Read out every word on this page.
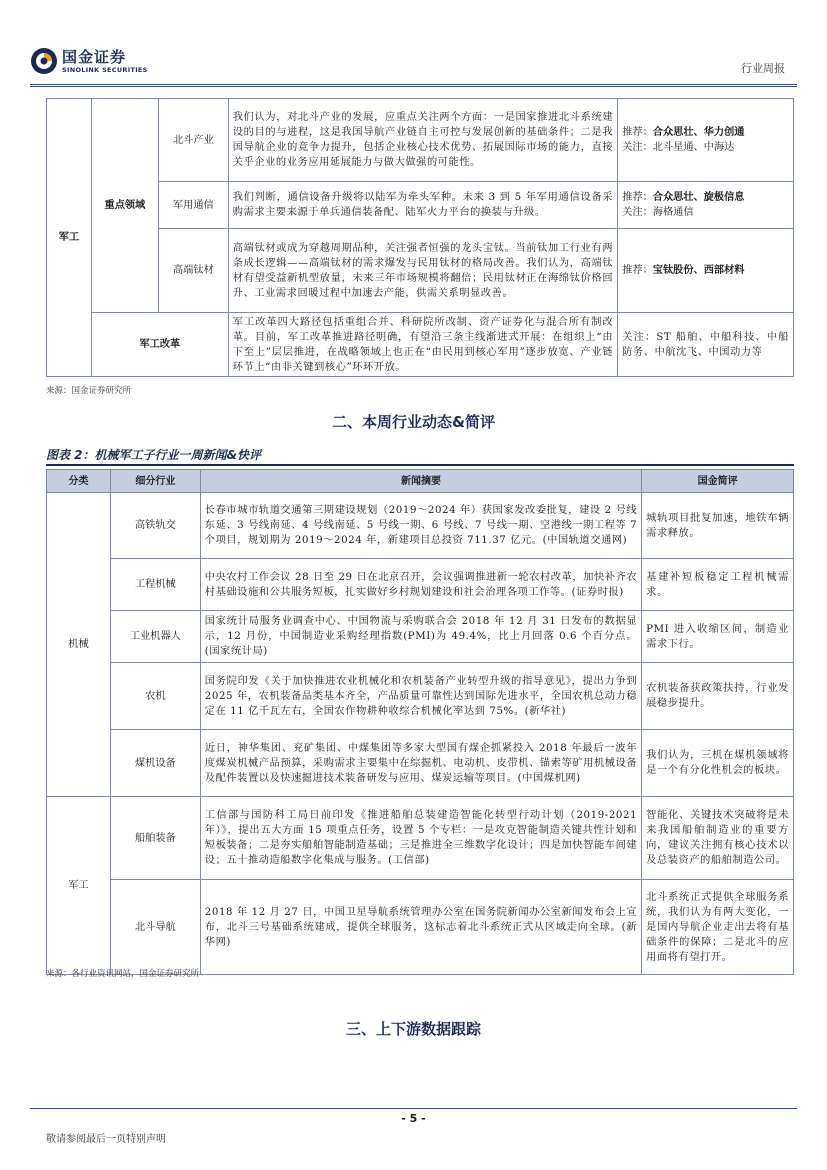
国金证券
SINOLINK SECURITIES	行业周报
军工	重点领域	北斗产业	我们认为，对北斗产业的发展，应重点关注两个方面：一是国家推进北斗系统建设的目的与进程，这是我国导航产业链自主可控与发展创新的基础条件；二是我国导航企业的竞争力提升，包括企业核心技术优势、拓展国际市场的能力，直接关乎企业的业务应用延展能力与做大做强的可能性。	推荐：合众思壮、华力创通
关注：北斗星通、中海达

		军用通信	我们判断，通信设备升级将以陆军为牵头军种。未来 3 到 5 年军用通信设备采购需求主要来源于单兵通信装备配、陆军火力平台的换装与升级。	推荐：合众思壮、旋极信息
关注：海格通信

		高端钛材	高端钛材或成为穿越周期品种，关注强者恒强的龙头宝钛。当前钛加工行业有两条成长逻辑——高端钛材的需求爆发与民用钛材的格局改善。我们认为，高端钛材有望受益新机型放量，未来三年市场规模将翻倍；民用钛材正在海绵钛价格回升、工业需求回暖过程中加速去产能，供需关系明显改善。	推荐：宝钛股份、西部材料

	军工改革		军工改革四大路径包括重组合并、科研院所改制、资产证券化与混合所有制改革。目前，军工改革推进路径明确，有望沿三条主线渐进式开展：在组织上“由下至上”层层推进，在战略领域上也正在“由民用到核心军用”逐步放宽、产业链环节上“由非关键到核心”环环开放。	关注：ST 船舶、中船科技、中船防务、中航沈飞、中国动力等
来源：国金证券研究所
二、本周行业动态&简评
图表 2：机械军工子行业一周新闻&快评
分类	细分行业	新闻摘要	国金简评
机械	高铁轨交	长春市城市轨道交通第三期建设规划（2019～2024 年）获国家发改委批复，建设 2 号线东延、3 号线南延、4 号线南延、5 号线一期、6 号线、7 号线一期、空港线一期工程等 7 个项目，规划期为 2019～2024 年，新建项目总投资 711.37 亿元。(中国轨道交通网)	城轨项目批复加速，地铁车辆需求释放。
	工程机械	中央农村工作会议 28 日至 29 日在北京召开，会议强调推进新一轮农村改革，加快补齐农村基础设施和公共服务短板，扎实做好乡村规划建设和社会治理各项工作等。(证券时报)	基建补短板稳定工程机械需求。
	工业机器人	国家统计局服务业调查中心、中国物流与采购联合会 2018 年 12 月 31 日发布的数据显示，12 月份，中国制造业采购经理指数(PMI)为 49.4%，比上月回落 0.6 个百分点。(国家统计局)	PMI 进入收缩区间，制造业需求下行。
	农机	国务院印发《关于加快推进农业机械化和农机装备产业转型升级的指导意见》，提出力争到 2025 年，农机装备品类基本齐全，产品质量可靠性达到国际先进水平，全国农机总动力稳定在 11 亿千瓦左右，全国农作物耕种收综合机械化率达到 75%。(新华社)	农机装备获政策扶持，行业发展稳步提升。
	煤机设备	近日，神华集团、兖矿集团、中煤集团等多家大型国有煤企抓紧投入 2018 年最后一波年度煤炭机械产品预算，采购需求主要集中在综掘机、电动机、皮带机、锚索等矿用机械设备及配件装置以及快速掘进技术装备研发与应用、煤炭运输等项目。(中国煤机网)	我们认为，三机在煤机领域将是一个有分化性机会的板块。
军工	船舶装备	工信部与国防科工局日前印发《推进船舶总装建造智能化转型行动计划（2019-2021 年）》，提出五大方面 15 项重点任务，设置 5 个专栏：一是攻克智能制造关键共性计划和短板装备；二是夯实船舶智能制造基础；三是推进全三维数字化设计；四是加快智能车间建设；五十推动造船数字化集成与服务。(工信部)	智能化、关键技术突破将是未来我国船舶制造业的重要方向，建议关注拥有核心技术以及总装资产的船舶制造公司。
	北斗导航	2018 年 12 月 27 日，中国卫星导航系统管理办公室在国务院新闻办公室新闻发布会上宣布，北斗三号基础系统建成，提供全球服务，这标志着北斗系统正式从区域走向全球。(新华网)	北斗系统正式提供全球服务系统，我们认为有两大变化，一是国内导航企业走出去将有基础条件的保障；二是北斗的应用面将有望打开。
来源：各行业资讯网站，国金证券研究所
三、上下游数据跟踪
- 5 -
敬请参阅最后一页特别声明
